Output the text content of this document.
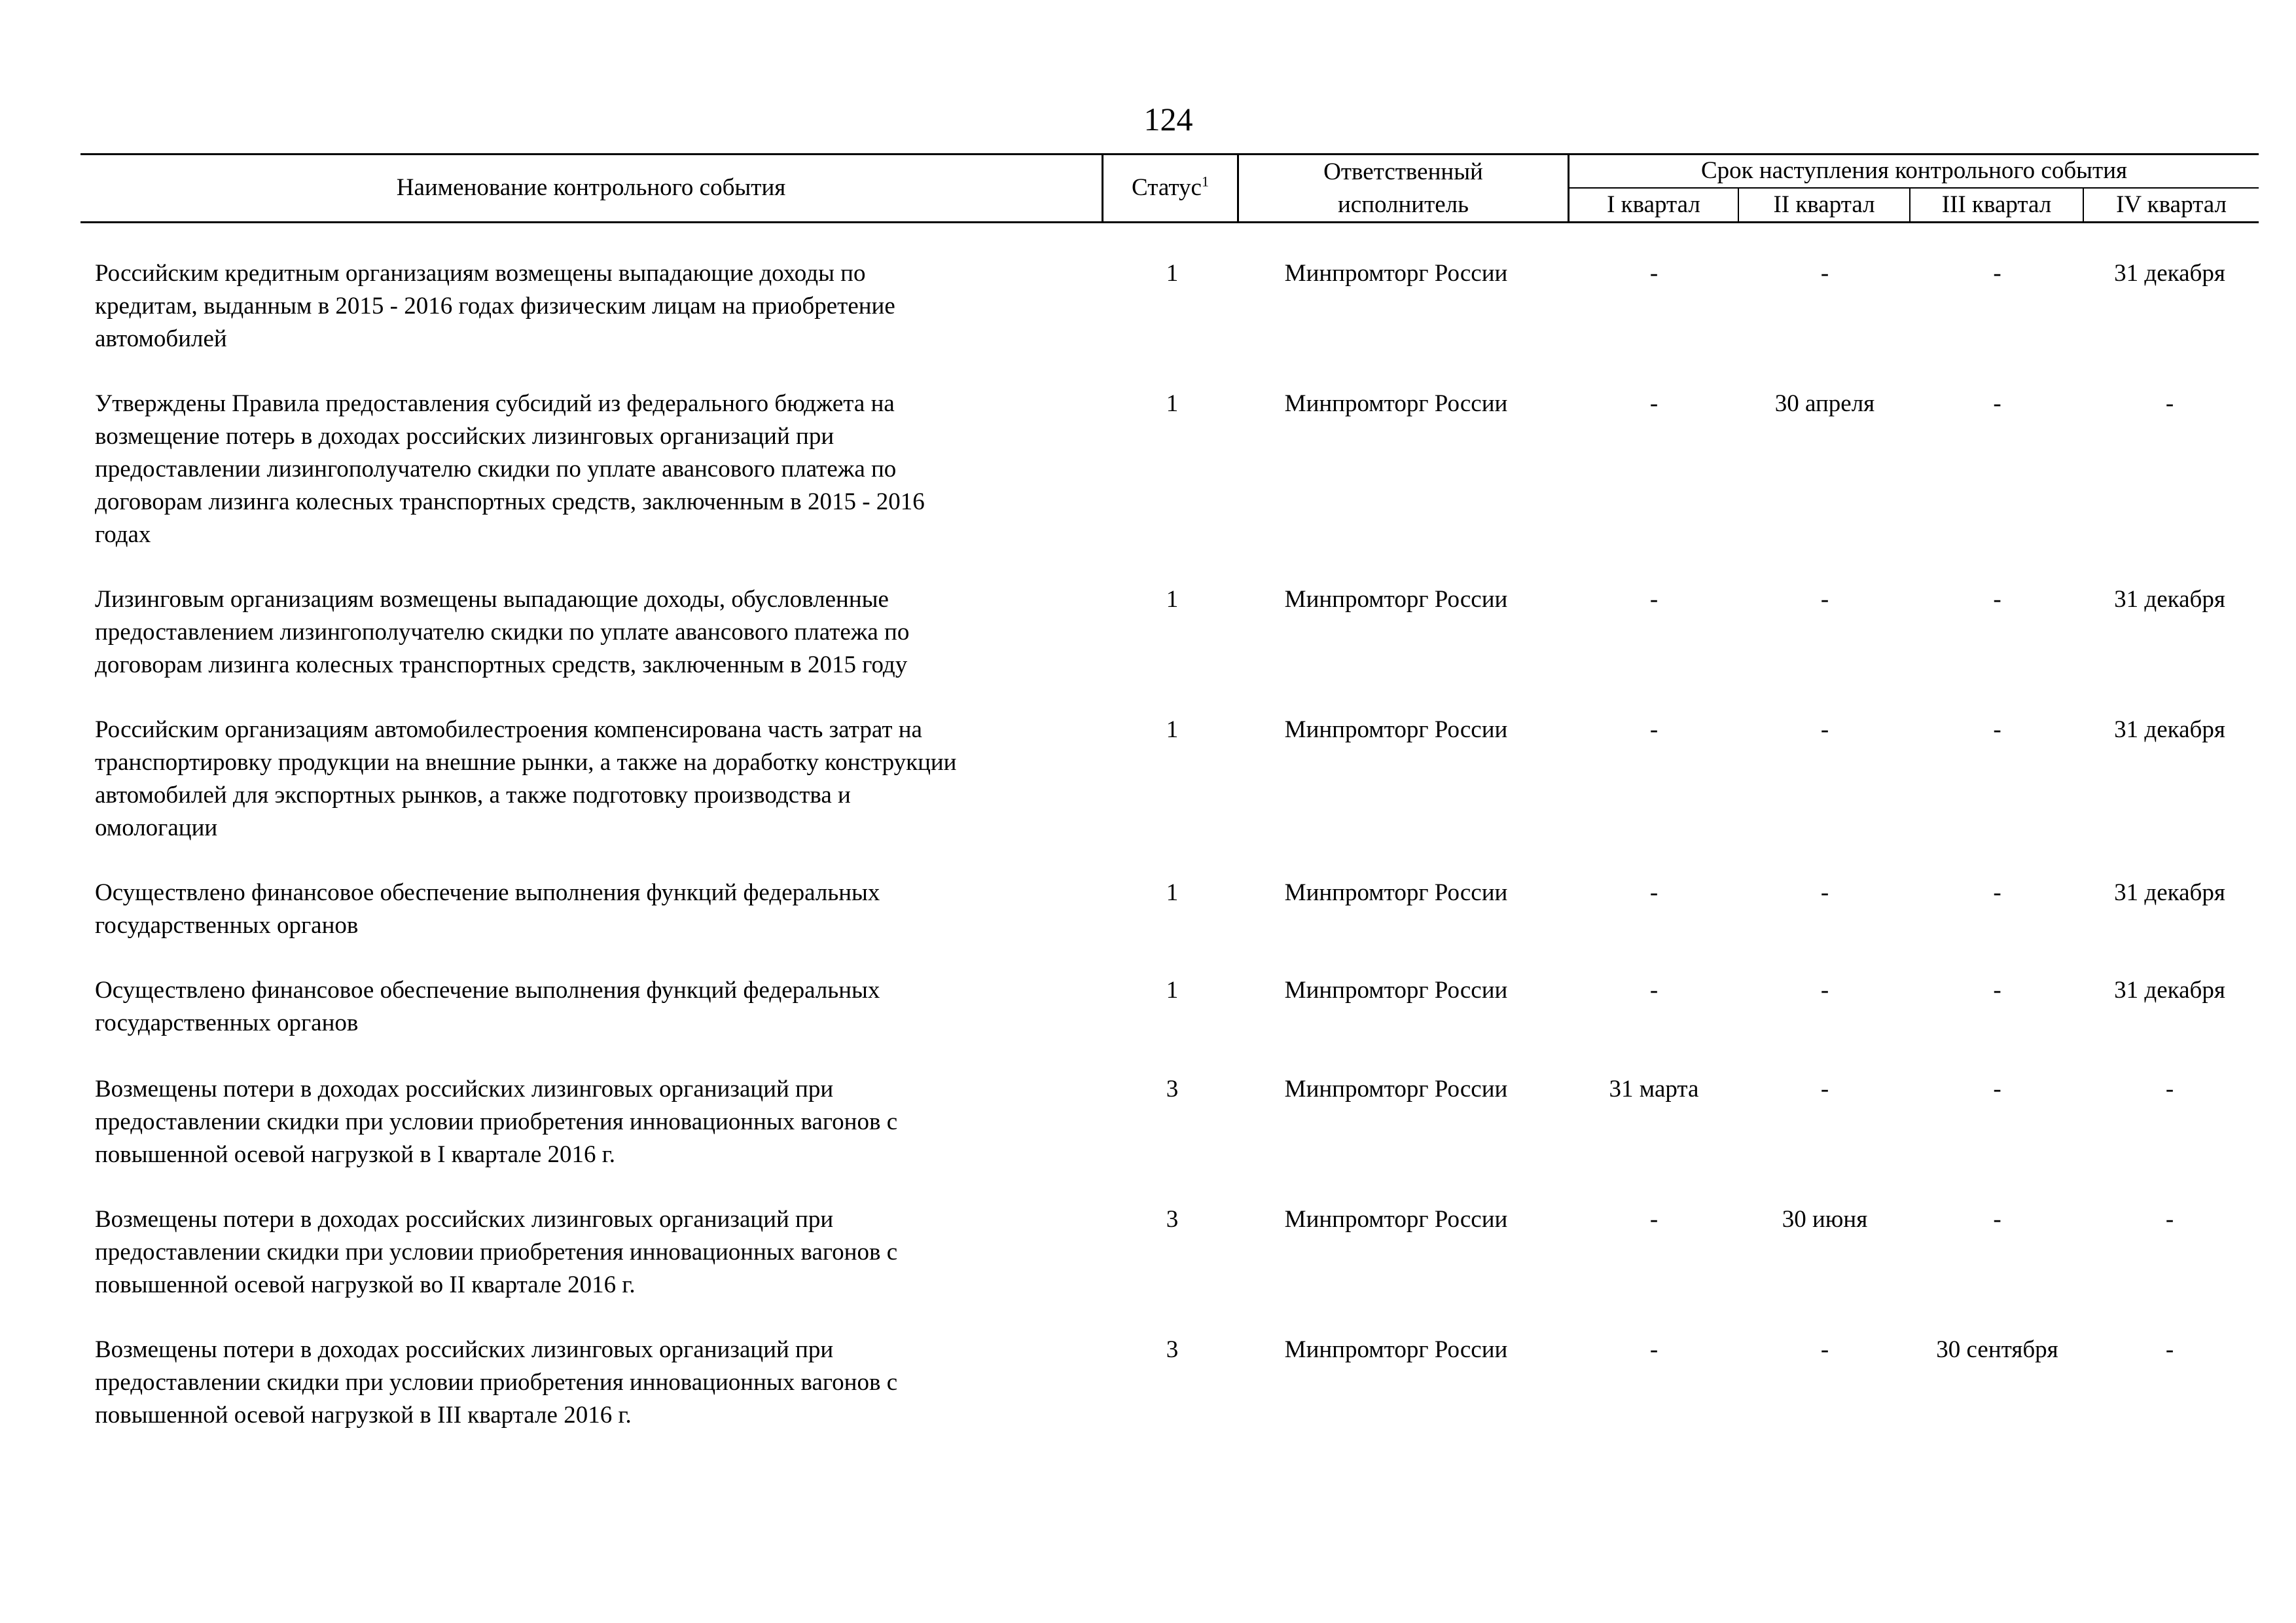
124
Наименование контрольного события	Статус$^1$	Ответственный
исполнитель
Срок наступления контрольного события
I квартал	II квартал	III квартал	IV квартал
Российским кредитным организациям возмещены выпадающие доходы по
кредитам, выданным в 2015 - 2016 годах физическим лицам на приобретение
автомобилей
1	Минпромторг России	-	-	-	31 декабря
Утверждены Правила предоставления субсидий из федерального бюджета на
возмещение потерь в доходах российских лизинговых организаций при
предоставлении лизингополучателю скидки по уплате авансового платежа по
договорам лизинга колесных транспортных средств, заключенным в 2015 - 2016
годах
1	Минпромторг России	-	30 апреля	-	-
Лизинговым организациям возмещены выпадающие доходы, обусловленные
предоставлением лизингополучателю скидки по уплате авансового платежа по
договорам лизинга колесных транспортных средств, заключенным в 2015 году
1	Минпромторг России	-	-	-	31 декабря
Российским организациям автомобилестроения компенсирована часть затрат на
транспортировку продукции на внешние рынки, а также на доработку конструкции
автомобилей для экспортных рынков, а также подготовку производства и
омологации
1	Минпромторг России	-	-	-	31 декабря
Осуществлено финансовое обеспечение выполнения функций федеральных
государственных органов
1	Минпромторг России	-	-	-	31 декабря
Осуществлено финансовое обеспечение выполнения функций федеральных
государственных органов
1	Минпромторг России	-	-	-	31 декабря
Возмещены потери в доходах российских лизинговых организаций при
предоставлении скидки при условии приобретения инновационных вагонов с
повышенной осевой нагрузкой в I квартале 2016 г.
3	Минпромторг России	31 марта	-	-	-
Возмещены потери в доходах российских лизинговых организаций при
предоставлении скидки при условии приобретения инновационных вагонов с
повышенной осевой нагрузкой во II квартале 2016 г.
3	Минпромторг России	-	30 июня	-	-
Возмещены потери в доходах российских лизинговых организаций при
предоставлении скидки при условии приобретения инновационных вагонов с
повышенной осевой нагрузкой в III квартале 2016 г.
3	Минпромторг России	-	-	30 сентября	-
